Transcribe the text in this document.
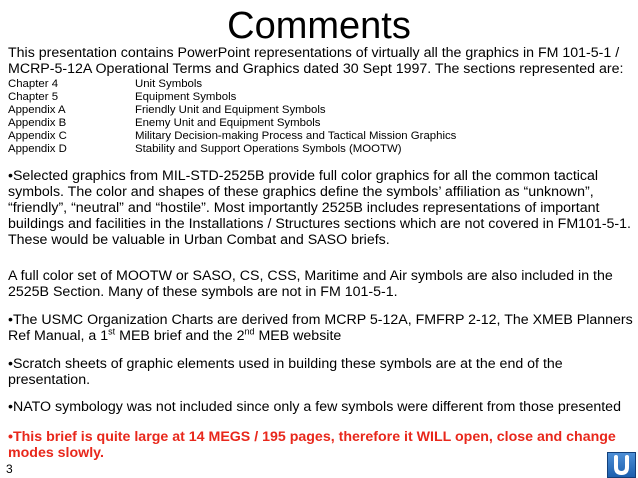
Comments
This presentation contains PowerPoint representations of virtually all the graphics in FM 101-5-1 / MCRP-5-12A Operational Terms and Graphics dated 30 Sept 1997. The sections represented are:
Chapter 4	Unit Symbols
Chapter 5	Equipment Symbols
Appendix A	Friendly Unit and Equipment Symbols
Appendix B	Enemy Unit and Equipment Symbols
Appendix C	Military Decision-making Process and Tactical Mission Graphics
Appendix D	Stability and Support Operations Symbols (MOOTW)
•Selected graphics from MIL-STD-2525B provide full color graphics for all the common tactical symbols. The color and shapes of these graphics define the symbols’ affiliation as “unknown”, “friendly”, “neutral” and “hostile”. Most importantly 2525B includes representations of important buildings and facilities in the Installations / Structures sections which are not covered in FM101-5-1. These would be valuable in Urban Combat and SASO briefs.
A full color set of MOOTW or SASO, CS, CSS, Maritime and Air symbols are also included in the 2525B Section. Many of these symbols are not in FM 101-5-1.
•The USMC Organization Charts are derived from MCRP 5-12A, FMFRP 2-12, The XMEB Planners Ref Manual, a 1st MEB brief and the 2nd MEB website
•Scratch sheets of graphic elements used in building these symbols are at the end of the presentation.
•NATO symbology was not included since only a few symbols were different from those presented
•This brief is quite large at 14 MEGS / 195 pages, therefore it WILL open, close and change modes slowly.
3
